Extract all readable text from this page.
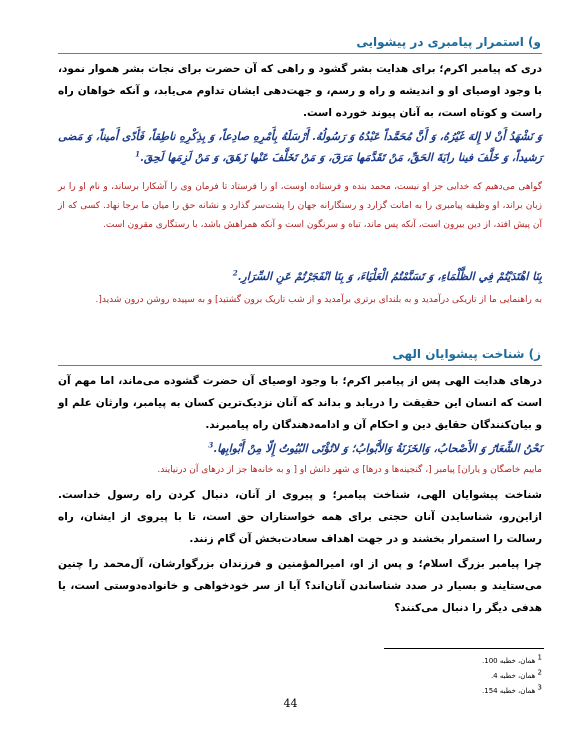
و) استمرار پیامبری در پیشوایی
دری که پیامبر اکرم؛ برای هدایت بشر گشود و راهی که آن حضرت برای نجات بشر هموار نمود، با وجود اوصیای او و اندیشه و راه و رسم، و جهت‌دهی ایشان تداوم می‌یابد، و آنکه خواهان راه راست و کوتاه است، به آنان پیوند خورده است.
وَ نَشْهَدُ أَنْ لا إِلهَ غَيْرُهُ، وَ أَنَّ مُحَمَّداً عَبْدُهُ وَ رَسُولُهُ. أَرْسَلَهُ بِأَمْرِهِ صادِعاً، وَ بِذِكْرِهِ ناطِقاً، فَأَدّى أَميناً، وَ مَضى رَشيداً، وَ خَلَّفَ فينا رايَةَ الحَقِّ، مَنْ تَقَدَّمَها مَرَقَ، وَ مَنْ تَخَلَّفَ عَنْها زَهَقَ، وَ مَنْ لَزِمَها لَحِقَ.$^1$
گواهی می‌دهیم که خدایی جز او نیست، محمد بنده و فرستاده اوست، او را فرستاد تا فرمان وی را آشکارا برساند، و نام او را بر زبان براند، او وظیفه پیامبری را به امانت گزارد و رستگارانه جهان را پشت‌سر گذارد و نشانه حق را میان ما برجا نهاد. کسی که از آن پیش افتد، از دین بیرون است، آنکه پس ماند، تباه و سرنگون است و آنکه همراهش باشد، با رستگاری مقرون است.
بِنَا اهْتَدَيْتُمْ فِي الظَّلْمَاءِ، وَ تَسَنَّمْتُمُ الْعَلْيَاءَ، وَ بِنَا انْفَجَرْتُمْ عَنِ السِّرَارِ.$^2$
به راهنمایی ما از تاریکی درآمدید و به بلندای برتری برآمدید و از شب تاریک برون گشتید] و به سپیده روشن درون شدید[.
ز) شناخت پیشوایان الهی
درهای هدایت الهی پس از پیامبر اکرم؛ با وجود اوصیای آن حضرت گشوده می‌ماند، اما مهم آن است که انسان این حقیقت را دریابد و بداند که آنان نزدیک‌ترین کسان به پیامبر، وارثان علم او و بیان‌کنندگان حقایق دین و احکام آن و ادامه‌دهندگان راه پیامبرند.
نَحْنُ الشِّعَارُ وَ الأَصْحابُ، وَالخَزَنَةُ وَالأَبْوابُ؛ وَ لاتُؤْتَى البُيُوتُ إِلّا مِنْ أَبْوابِها.$^3$
ماییم خاصگان و یاران] پیامبر [، گنجینه‌ها و درها] ی شهر دانش او [ و به خانه‌ها جز از درهای آن درنیایند.
شناخت پیشوایان الهی، شناخت پیامبر؛ و پیروی از آنان، دنبال کردن راه رسول خداست. ازاین‌رو، شناسایدن آنان حجتی برای همه خواستاران حق است، تا با پیروی از ایشان، راه رسالت را استمرار بخشند و در جهت اهداف سعادت‌بخش آن گام زنند.
چرا پیامبر بزرگ اسلام؛ و پس از او، امیرالمؤمنین و فرزندان بزرگوارشان، آل‌محمد را چنین می‌ستایند و بسیار در صدد شناساندن آنان‌اند؟ آیا از سر خودخواهی و خانواده‌دوستی است، یا هدفی دیگر را دنبال می‌کنند؟
$^1$ همان، خطبه 100.
$^2$ همان، خطبه 4.
$^3$ همان، خطبه 154.
44
